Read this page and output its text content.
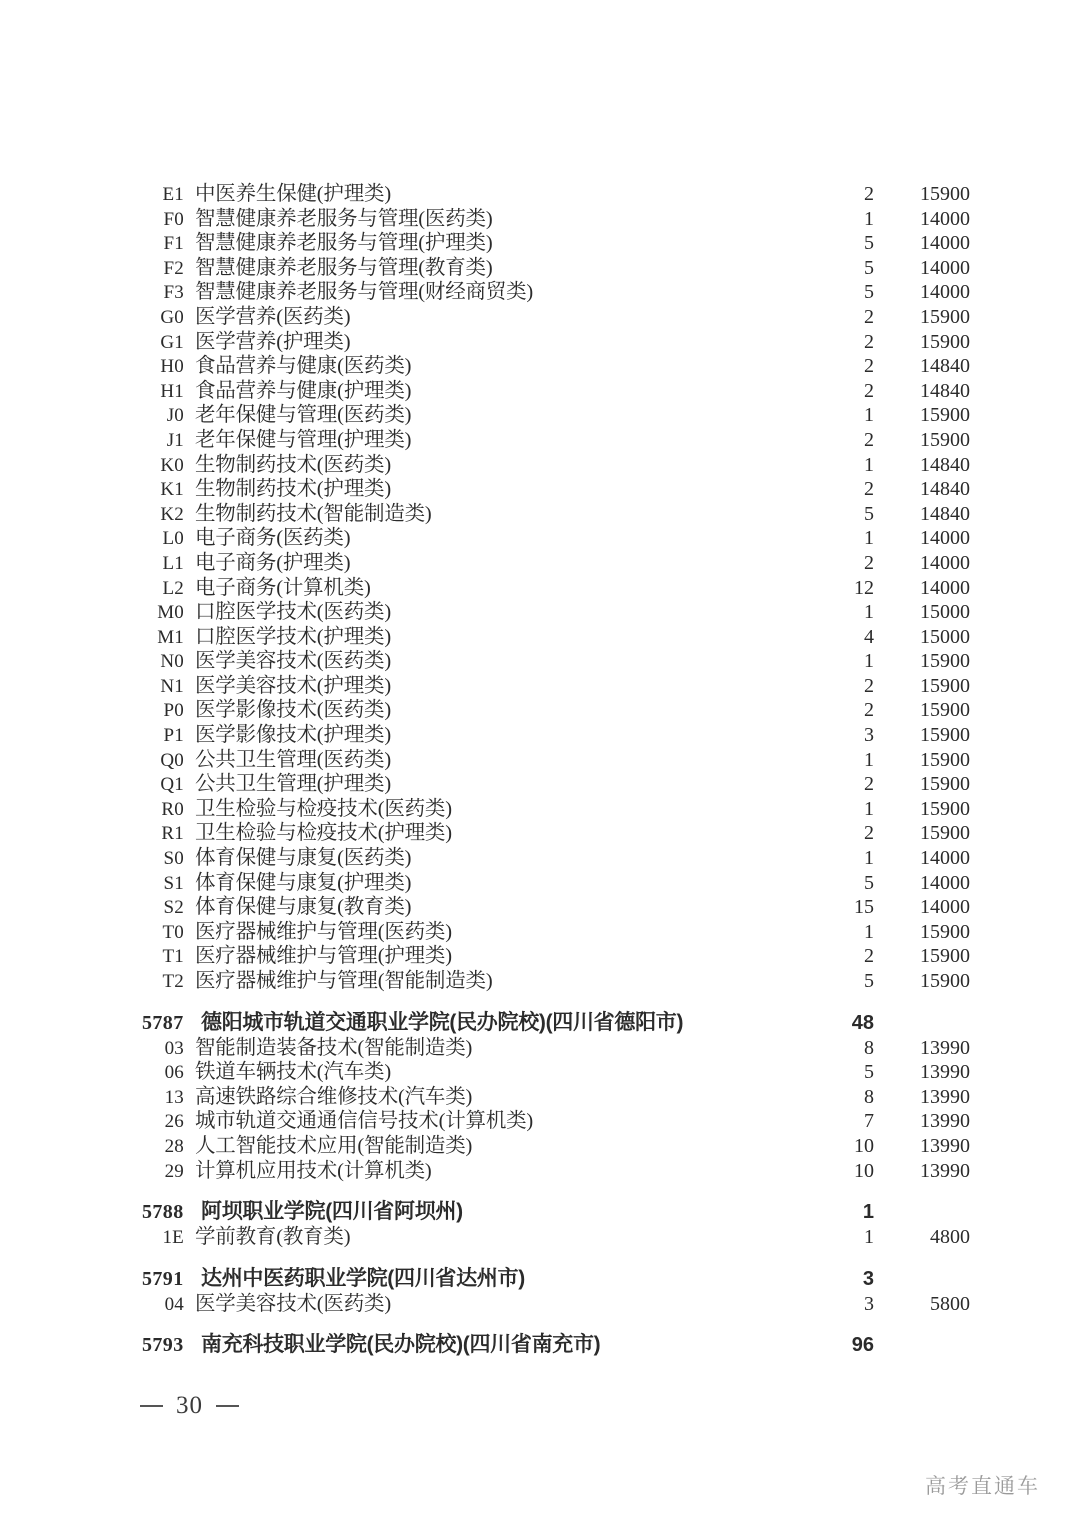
E1 中医养生保健(护理类)	2	15900
F0 智慧健康养老服务与管理(医药类)	1	14000
F1 智慧健康养老服务与管理(护理类)	5	14000
F2 智慧健康养老服务与管理(教育类)	5	14000
F3 智慧健康养老服务与管理(财经商贸类)	5	14000
G0 医学营养(医药类)	2	15900
G1 医学营养(护理类)	2	15900
H0 食品营养与健康(医药类)	2	14840
H1 食品营养与健康(护理类)	2	14840
J0 老年保健与管理(医药类)	1	15900
J1 老年保健与管理(护理类)	2	15900
K0 生物制药技术(医药类)	1	14840
K1 生物制药技术(护理类)	2	14840
K2 生物制药技术(智能制造类)	5	14840
L0 电子商务(医药类)	1	14000
L1 电子商务(护理类)	2	14000
L2 电子商务(计算机类)	12	14000
M0 口腔医学技术(医药类)	1	15000
M1 口腔医学技术(护理类)	4	15000
N0 医学美容技术(医药类)	1	15900
N1 医学美容技术(护理类)	2	15900
P0 医学影像技术(医药类)	2	15900
P1 医学影像技术(护理类)	3	15900
Q0 公共卫生管理(医药类)	1	15900
Q1 公共卫生管理(护理类)	2	15900
R0 卫生检验与检疫技术(医药类)	1	15900
R1 卫生检验与检疫技术(护理类)	2	15900
S0 体育保健与康复(医药类)	1	14000
S1 体育保健与康复(护理类)	5	14000
S2 体育保健与康复(教育类)	15	14000
T0 医疗器械维护与管理(医药类)	1	15900
T1 医疗器械维护与管理(护理类)	2	15900
T2 医疗器械维护与管理(智能制造类)	5	15900
5787 德阳城市轨道交通职业学院(民办院校)(四川省德阳市)	48
03 智能制造装备技术(智能制造类)	8	13990
06 铁道车辆技术(汽车类)	5	13990
13 高速铁路综合维修技术(汽车类)	8	13990
26 城市轨道交通通信信号技术(计算机类)	7	13990
28 人工智能技术应用(智能制造类)	10	13990
29 计算机应用技术(计算机类)	10	13990
5788 阿坝职业学院(四川省阿坝州)	1
1E 学前教育(教育类)	1	4800
5791 达州中医药职业学院(四川省达州市)	3
04 医学美容技术(医药类)	3	5800
5793 南充科技职业学院(民办院校)(四川省南充市)	96
30
高考直通车
